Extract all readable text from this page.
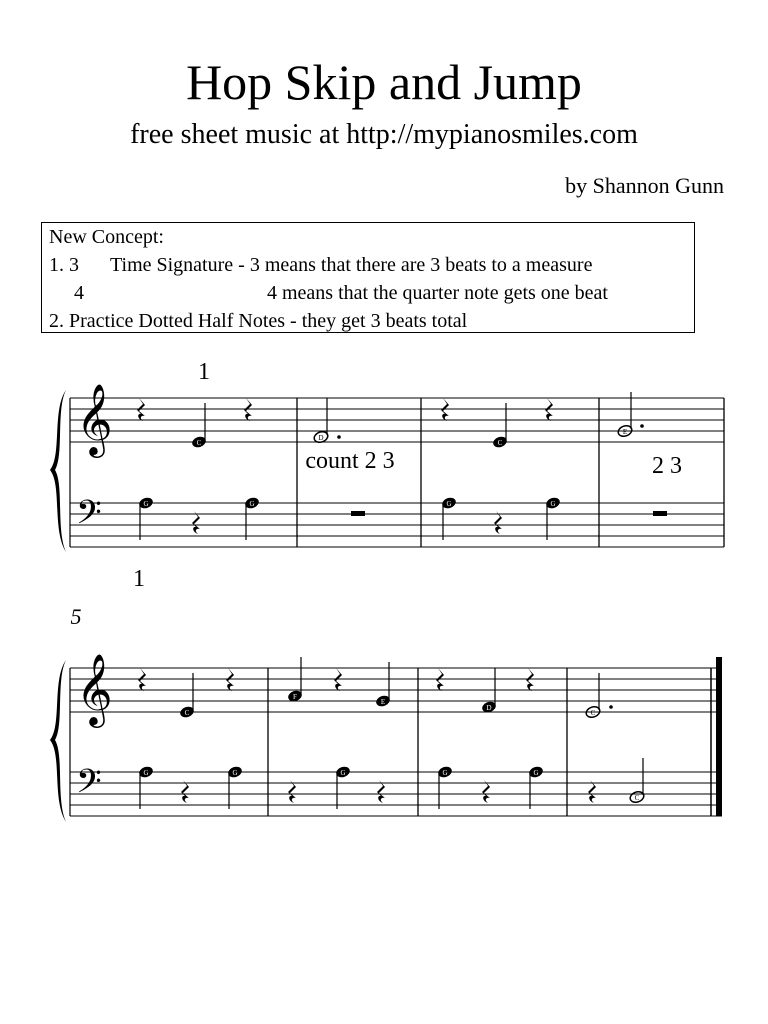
Hop Skip and Jump
free sheet music at http://mypianosmiles.com
by Shannon Gunn
New Concept:
1. 3 Time Signature - 3 means that there are 3 beats to a measure
4	4 means that the quarter note gets one beat
2. Practice Dotted Half Notes - they get 3 beats total
𝄞
𝄢
1
C
D
count 2 3
C
E
2 3
G	G	G	G
1
5
𝄞
𝄢
C
F
E
D
C
G	G	G	G	G
C
